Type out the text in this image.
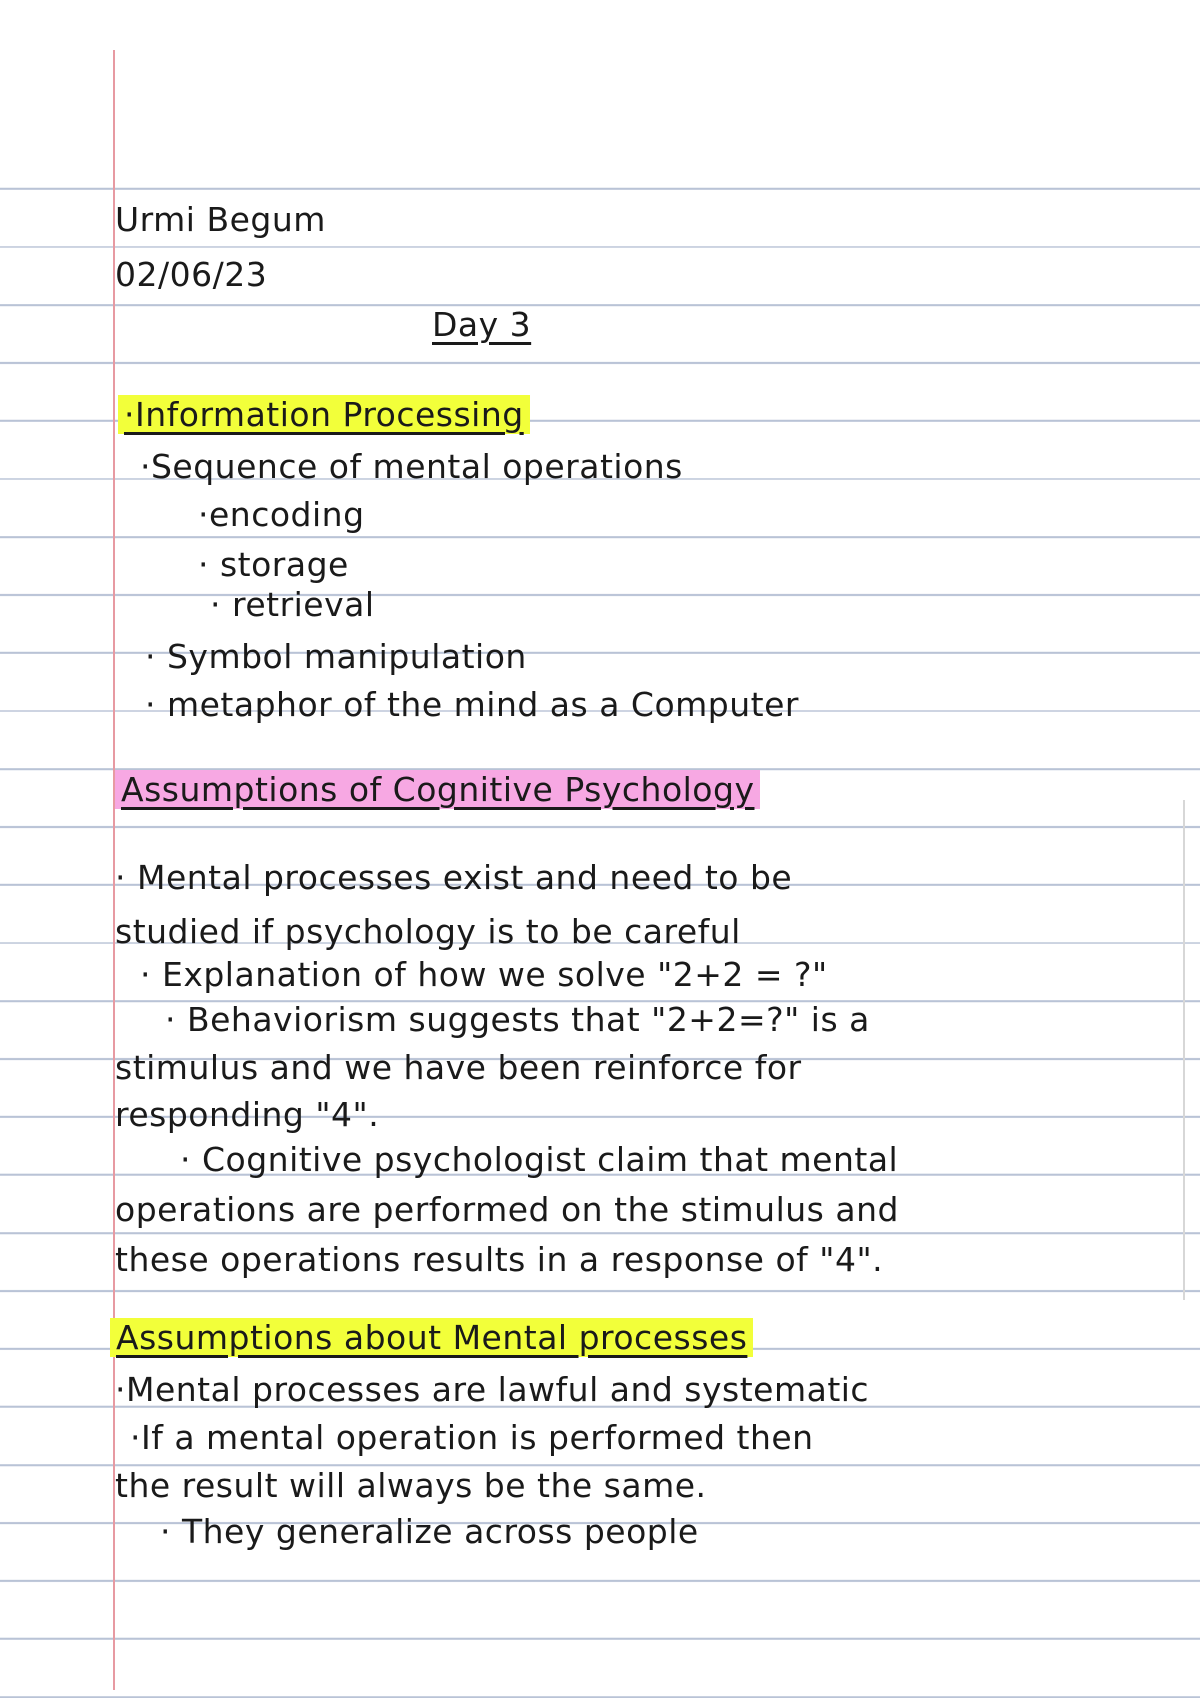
Urmi Begum
02/06/23
Day 3
·Information Processing
·Sequence of mental operations
·encoding
· storage
· retrieval
· Symbol manipulation
· metaphor of the mind as a Computer
Assumptions of Cognitive Psychology
· Mental processes exist and need to be
studied if psychology is to be careful
· Explanation of how we solve "2+2 = ?"
· Behaviorism suggests that "2+2=?" is a
stimulus and we have been reinforce for
responding "4".
· Cognitive psychologist claim that mental
operations are performed on the stimulus and
these operations results in a response of "4".
Assumptions about Mental processes
·Mental processes are lawful and systematic
·If a mental operation is performed then
the result will always be the same.
· They generalize across people
